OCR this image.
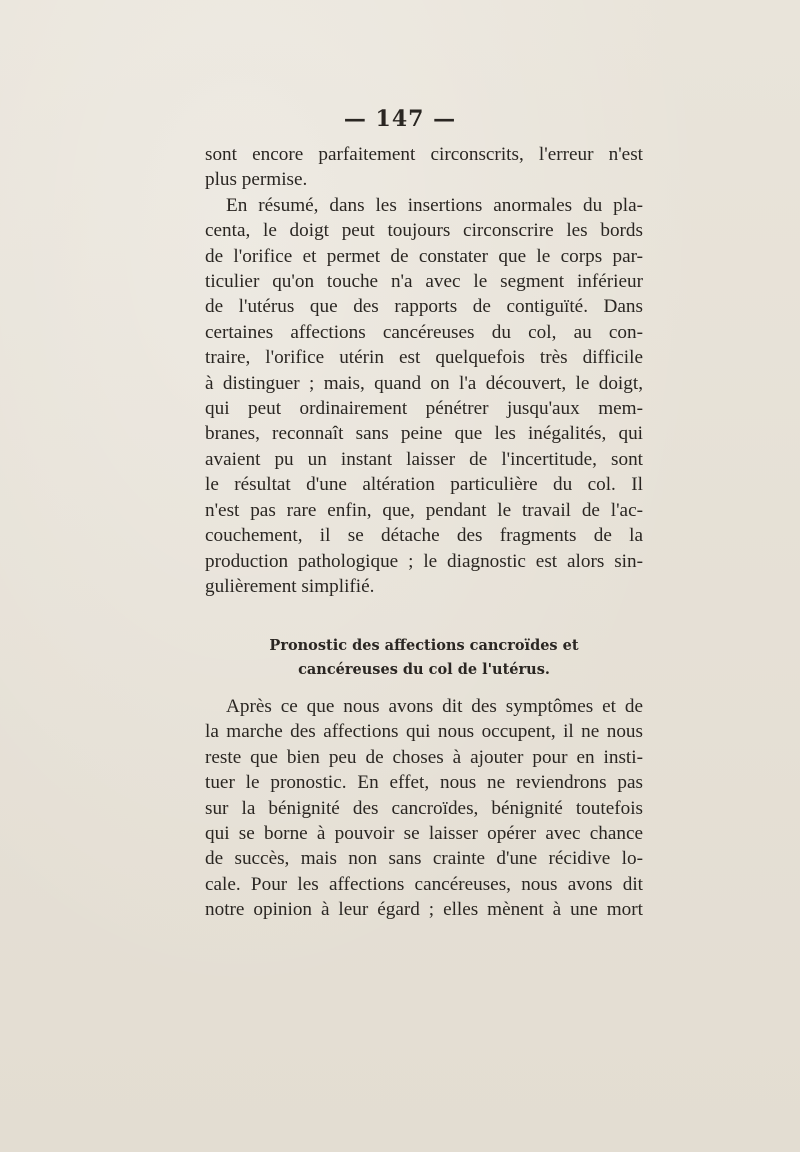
— 147 —
sont encore parfaitement circonscrits, l'erreur n'est
plus permise.
En résumé, dans les insertions anormales du pla-
centa, le doigt peut toujours circonscrire les bords
de l'orifice et permet de constater que le corps par-
ticulier qu'on touche n'a avec le segment inférieur
de l'utérus que des rapports de contiguïté. Dans
certaines affections cancéreuses du col, au con-
traire, l'orifice utérin est quelquefois très difficile
à distinguer ; mais, quand on l'a découvert, le doigt,
qui peut ordinairement pénétrer jusqu'aux mem-
branes, reconnaît sans peine que les inégalités, qui
avaient pu un instant laisser de l'incertitude, sont
le résultat d'une altération particulière du col. Il
n'est pas rare enfin, que, pendant le travail de l'ac-
couchement, il se détache des fragments de la
production pathologique ; le diagnostic est alors sin-
gulièrement simplifié.
Pronostic des affections cancroïdes et
cancéreuses du col de l'utérus.
Après ce que nous avons dit des symptômes et de
la marche des affections qui nous occupent, il ne nous
reste que bien peu de choses à ajouter pour en insti-
tuer le pronostic. En effet, nous ne reviendrons pas
sur la bénignité des cancroïdes, bénignité toutefois
qui se borne à pouvoir se laisser opérer avec chance
de succès, mais non sans crainte d'une récidive lo-
cale. Pour les affections cancéreuses, nous avons dit
notre opinion à leur égard ; elles mènent à une mort
